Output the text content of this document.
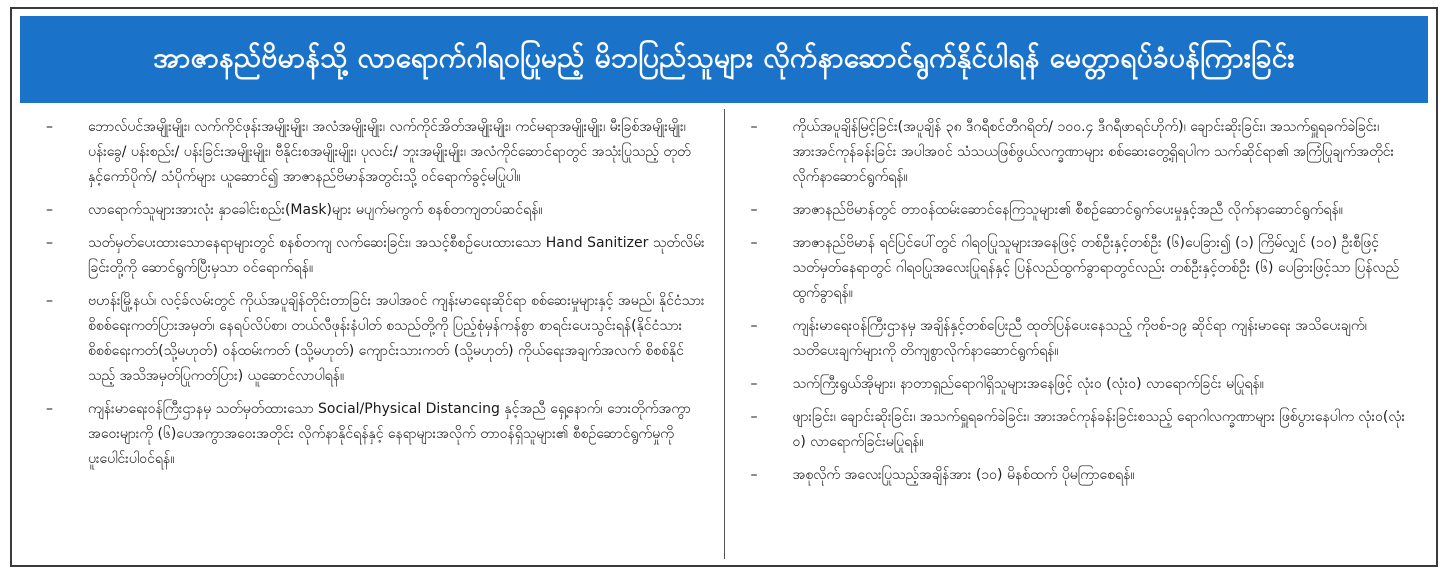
အာဇာနည်ဗိမာန်သို့ လာရောက်ဂါရဝပြုမည့် မိဘပြည်သူများ လိုက်နာဆောင်ရွက်နိုင်ပါရန် မေတ္တာရပ်ခံပန်ကြားခြင်း
–	ဘောလ်ပင်အမျိုးမျိုး၊ လက်ကိုင်ဖုန်းအမျိုးမျိုး၊ အလံအမျိုးမျိုး၊ လက်ကိုင်အိတ်အမျိုးမျိုး၊ ကင်မရာအမျိုးမျိုး၊ မီးခြစ်အမျိုးမျိုး၊ ပန်းခွေ/ ပန်းစည်း/ ပန်းခြင်းအမျိုးမျိုး၊ ဗီနိုင်းစအမျိုးမျိုး၊ ပုလင်း/ ဘူးအမျိုးမျိုး၊ အလံကိုင်ဆောင်ရာတွင် အသုံးပြုသည့် တုတ်နှင့်ကော်ပိုက်/ သံပိုက်များ ယူဆောင်၍ အာဇာနည်ဗိမာန်အတွင်းသို့ ဝင်ရောက်ခွင့်မပြုပါ။
–	လာရောက်သူများအားလုံး နှာခေါင်းစည်း(Mask)များ မပျက်မကွက် စနစ်တကျတပ်ဆင်ရန်။
–	သတ်မှတ်ပေးထားသောနေရာများတွင် စနစ်တကျ လက်ဆေးခြင်း၊ အသင့်စီစဉ်ပေးထားသော Hand Sanitizer သုတ်လိမ်းခြင်းတို့ကို ဆောင်ရွက်ပြီးမှသာ ဝင်ရောက်ရန်။
–	ဗဟန်းမြို့နယ်၊ လင့်ခ်လမ်းတွင် ကိုယ်အပူချိန်တိုင်းတာခြင်း အပါအဝင် ကျန်းမာရေးဆိုင်ရာ စစ်ဆေးမှုများနှင့် အမည်၊ နိုင်ငံသားစိစစ်ရေးကတ်ပြားအမှတ်၊ နေရပ်လိပ်စာ၊ တယ်လီဖုန်းနံပါတ် စသည်တို့ကို ပြည့်စုံမှန်ကန်စွာ စာရင်းပေးသွင်းရန်(နိုင်ငံသားစိစစ်ရေးကတ်(သို့မဟုတ်) ဝန်ထမ်းကတ် (သို့မဟုတ်) ကျောင်းသားကတ် (သို့မဟုတ်) ကိုယ်ရေးအချက်အလက် စိစစ်နိုင်သည့် အသိအမှတ်ပြုကတ်ပြား) ယူဆောင်လာပါရန်။
–	ကျန်းမာရေးဝန်ကြီးဌာနမှ သတ်မှတ်ထားသော Social/Physical Distancing နှင့်အညီ ရှေ့နောက်၊ ဘေးတိုက်အကွာအဝေးများကို (၆)ပေအကွာအဝေးအတိုင်း လိုက်နာနိုင်ရန်နှင့် နေရာများအလိုက် တာဝန်ရှိသူများ၏ စီစဉ်ဆောင်ရွက်မှုကို ပူးပေါင်းပါဝင်ရန်။
–	ကိုယ်အပူချိန်မြင့်ခြင်း(အပူချိန် ၃၈ ဒီဂရီစင်တီဂရိတ်/ ၁၀၀.၄ ဒီဂရီဖာရင်ဟိုက်)၊ ချောင်းဆိုးခြင်း၊ အသက်ရှူရခက်ခဲခြင်း၊ အားအင်ကုန်ခန်းခြင်း အပါအဝင် သံသယဖြစ်ဖွယ်လက္ခဏာများ စစ်ဆေးတွေ့ရှိရပါက သက်ဆိုင်ရာ၏ အကြံပြုချက်အတိုင်း လိုက်နာဆောင်ရွက်ရန်။
–	အာဇာနည်ဗိမာန်တွင် တာဝန်ထမ်းဆောင်နေကြသူများ၏ စီစဉ်ဆောင်ရွက်ပေးမှုနှင့်အညီ လိုက်နာဆောင်ရွက်ရန်။
–	အာဇာနည်ဗိမာန် ရင်ပြင်ပေါ်တွင် ဂါရဝပြုသူများအနေဖြင့် တစ်ဦးနှင့်တစ်ဦး (၆)ပေခြား၍ (၁) ကြိမ်လျှင် (၁၀) ဦးစီဖြင့် သတ်မှတ်နေရာတွင် ဂါရဝပြုအလေးပြုရန်နှင့် ပြန်လည်ထွက်ခွာရာတွင်လည်း တစ်ဦးနှင့်တစ်ဦး (၆) ပေခြားဖြင့်သာ ပြန်လည်ထွက်ခွာရန်။
–	ကျန်းမာရေးဝန်ကြီးဌာနမှ အချိန်နှင့်တစ်ပြေးညီ ထုတ်ပြန်ပေးနေသည့် ကိုဗစ်-၁၉ ဆိုင်ရာ ကျန်းမာရေး အသိပေးချက်၊ သတိပေးချက်များကို တိကျစွာလိုက်နာဆောင်ရွက်ရန်။
–	သက်ကြီးရွယ်အိုများ၊ နာတာရှည်ရောဂါရှိသူများအနေဖြင့် လုံးဝ (လုံးဝ) လာရောက်ခြင်း မပြုရန်။
–	ဖျားခြင်း၊ ချောင်းဆိုးခြင်း၊ အသက်ရှူရခက်ခဲခြင်း၊ အားအင်ကုန်ခန်းခြင်းစသည့် ရောဂါလက္ခဏာများ ဖြစ်ပွားနေပါက လုံးဝ(လုံးဝ) လာရောက်ခြင်းမပြုရန်။
–	အစုလိုက် အလေးပြုသည့်အချိန်အား (၁၀) မိနစ်ထက် ပိုမကြာစေရန်။
